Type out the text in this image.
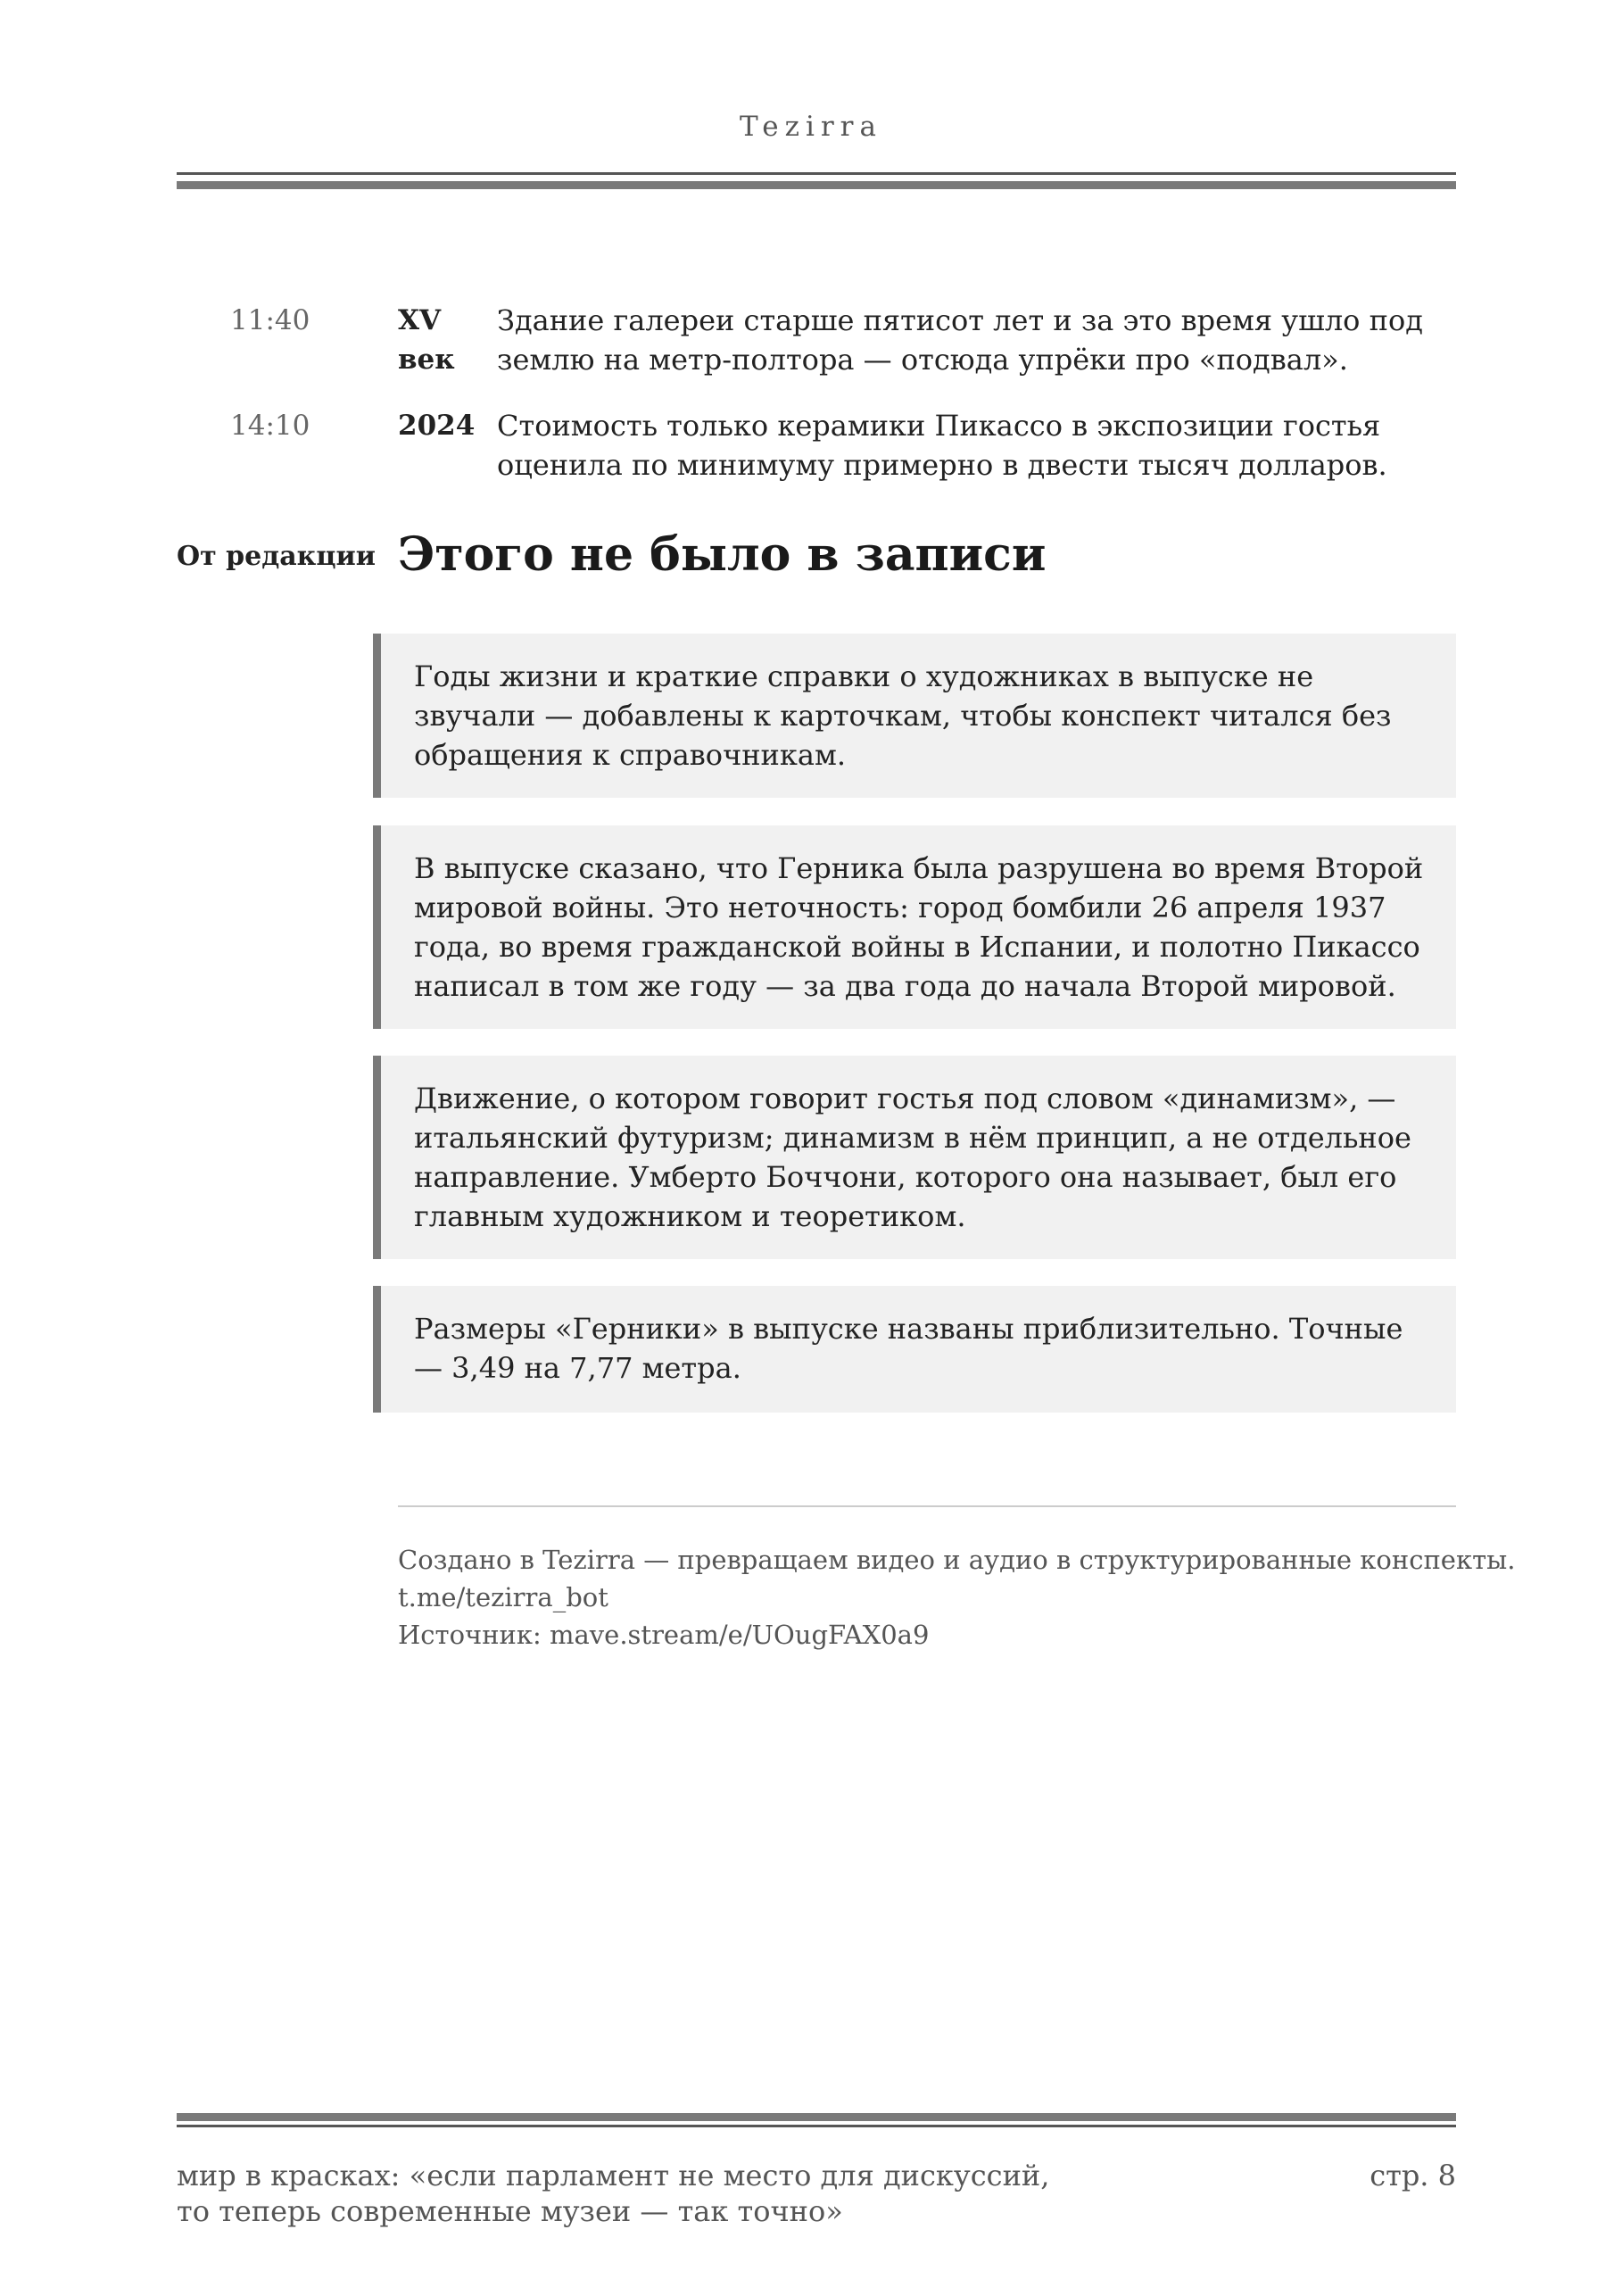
Tezirra
11:40	XV
век
Здание галереи старше пятисот лет и за это время ушло под землю на метр-полтора — отсюда упрёки про «подвал».
14:10	2024 Стоимость только керамики Пикассо в экспозиции гостья оценила по минимуму примерно в двести тысяч долларов.
От редакции Этого не было в записи
Годы жизни и краткие справки о художниках в выпуске не звучали — добавлены к карточкам, чтобы конспект читался без обращения к справочникам.
В выпуске сказано, что Герника была разрушена во время Второй мировой войны. Это неточность: город бомбили 26 апреля 1937 года, во время гражданской войны в Испании, и полотно Пикассо написал в том же году — за два года до начала Второй мировой.
Движение, о котором говорит гостья под словом «динамизм», — итальянский футуризм; динамизм в нём принцип, а не отдельное направление. Умберто Боччони, которого она называет, был его главным художником и теоретиком.
Размеры «Герники» в выпуске названы приблизительно. Точные — 3,49 на 7,77 метра.
Создано в Tezirra — превращаем видео и аудио в структурированные конспекты.
t.me/tezirra_bot
Источник: mave.stream/e/UOugFAX0a9
мир в красках: «если парламент не место для дискуссий,
то теперь современные музеи — так точно»
стр. 8
